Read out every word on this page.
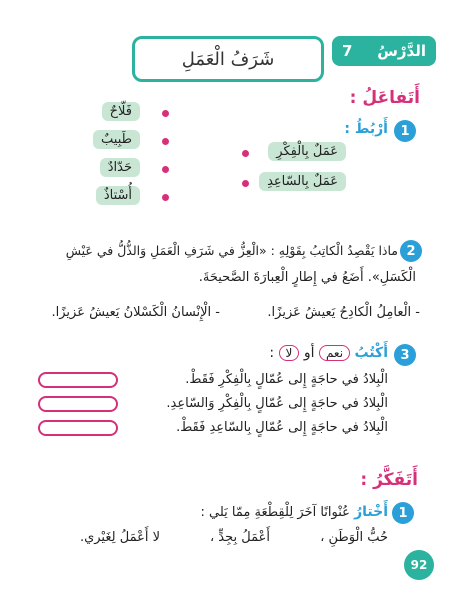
الدَّرْسُ
7
شَرَفُ الْعَمَلِ
أَتَفاعَلُ :
1
أَرْبُطُ :
عَمَلٌ بِالْفِكْرِ
عَمَلٌ بِالسّاعِدِ
فَلّاحٌ
طَبِيبٌ
حَدّادٌ
أُسْتاذٌ
2
ماذا يَقْصِدُ الْكاتِبُ بِقَوْلِهِ : «الْعِزُّ في شَرَفِ الْعَمَلِ وَالذُّلُّ في عَيْشِ
الْكَسَلِ». أَضَعُ في إِطارٍ الْعِبارَةَ الصَّحيحَةَ.
- الْعامِلُ الْكادِحُ يَعيشُ عَزيزًا.
- الْإِنْسانُ الْكَسْلانُ يَعيشُ عَزيزًا.
3
أَكْتُبُ نعم أو لا :
الْبِلادُ في حاجَةٍ إِلى عُمّالٍ بِالْفِكْرِ فَقَطْ.
الْبِلادُ في حاجَةٍ إِلى عُمّالٍ بِالْفِكْرِ وَالسّاعِدِ.
الْبِلادُ في حاجَةٍ إِلى عُمّالٍ بِالسّاعِدِ فَقَطْ.
أَتَفَكَّرُ :
1
أَخْتارُ عُنْوانًا آخَرَ لِلْقِطْعَةِ مِمّا يَلي :
حُبُّ الْوَطَنِ ،
أَعْمَلُ بِجِدٍّ ،
لا أَعْمَلُ لِغَيْري.
92
